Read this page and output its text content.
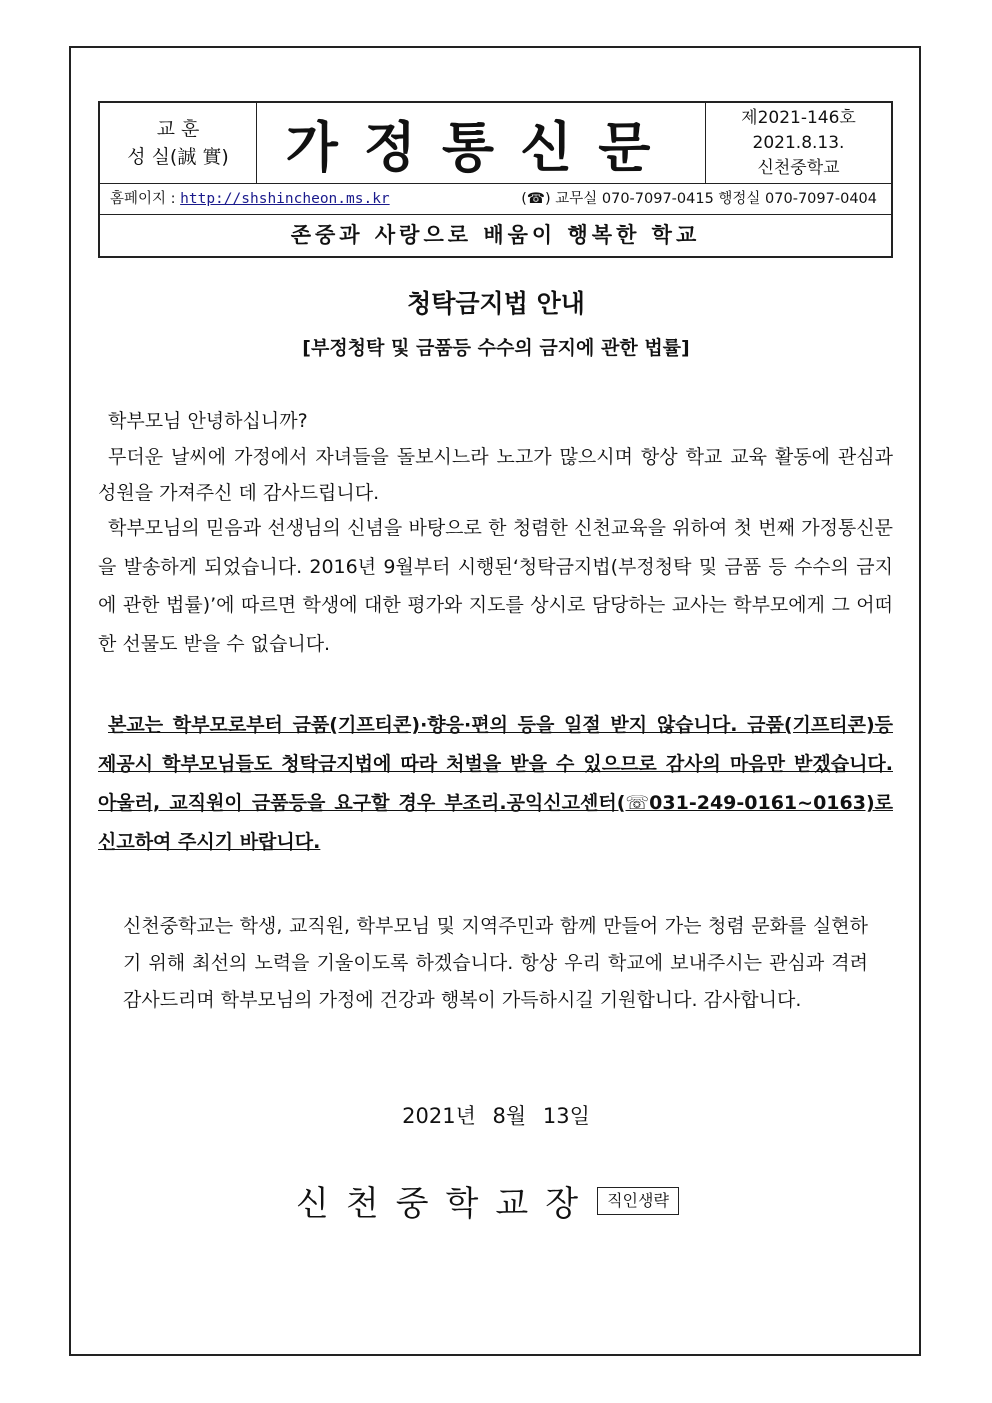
교 훈
성 실(誠 實)	가정통신문	제2021-146호
2021.8.13.
신천중학교
홈페이지 : http://shshincheon.ms.kr	(☎) 교무실 070-7097-0415 행정실 070-7097-0404
존중과 사랑으로 배움이 행복한 학교
청탁금지법 안내
[부정청탁 및 금품등 수수의 금지에 관한 법률]
학부모님 안녕하십니까?
무더운 날씨에 가정에서 자녀들을 돌보시느라 노고가 많으시며 항상 학교 교육 활동에 관심과 성원을 가져주신 데 감사드립니다.
학부모님의 믿음과 선생님의 신념을 바탕으로 한 청렴한 신천교육을 위하여 첫 번째 가정통신문을 발송하게 되었습니다. 2016년 9월부터 시행된‘청탁금지법(부정청탁 및 금품 등 수수의 금지에 관한 법률)’에 따르면 학생에 대한 평가와 지도를 상시로 담당하는 교사는 학부모에게 그 어떠한 선물도 받을 수 없습니다.
본교는 학부모로부터 금품(기프티콘)·향응·편의 등을 일절 받지 않습니다. 금품(기프티콘)등 제공시 학부모님들도 청탁금지법에 따라 처벌을 받을 수 있으므로 감사의 마음만 받겠습니다. 아울러, 교직원이 금품등을 요구할 경우 부조리.공익신고센터(☏031-249-0161~0163)로 신고하여 주시기 바랍니다.
신천중학교는 학생, 교직원, 학부모님 및 지역주민과 함께 만들어 가는 청렴 문화를 실현하기 위해 최선의 노력을 기울이도록 하겠습니다. 항상 우리 학교에 보내주시는 관심과 격려 감사드리며 학부모님의 가정에 건강과 행복이 가득하시길 기원합니다. 감사합니다.
2021년 8월 13일
신천중학교장 직인생략
